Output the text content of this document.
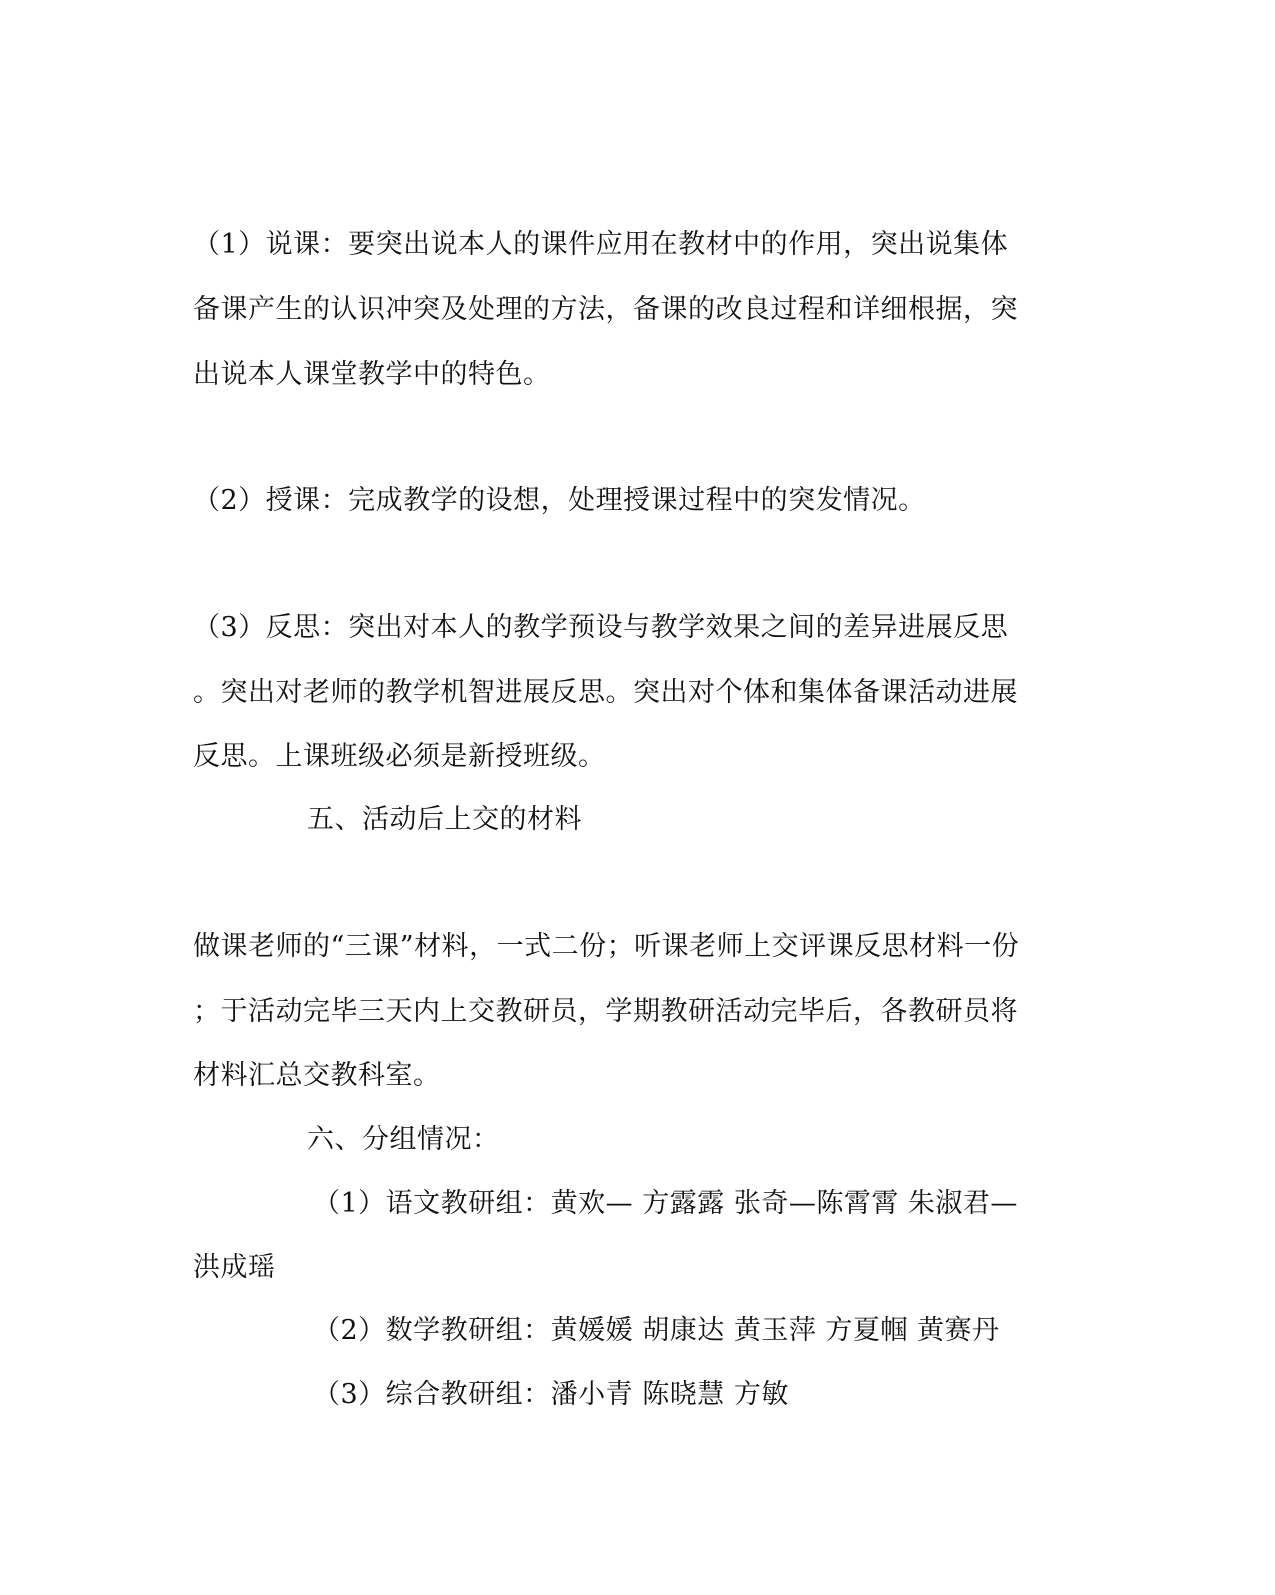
（1）说课：要突出说本人的课件应用在教材中的作用，突出说集体
备课产生的认识冲突及处理的方法，备课的改良过程和详细根据，突
出说本人课堂教学中的特色。
（2）授课：完成教学的设想，处理授课过程中的突发情况。
（3）反思：突出对本人的教学预设与教学效果之间的差异进展反思
。突出对老师的教学机智进展反思。突出对个体和集体备课活动进展
反思。上课班级必须是新授班级。
五、活动后上交的材料
做课老师的“三课”材料，一式二份；听课老师上交评课反思材料一份
；于活动完毕三天内上交教研员，学期教研活动完毕后，各教研员将
材料汇总交教科室。
六、分组情况：
（1）语文教研组：黄欢— 方露露 张奇—陈霄霄 朱淑君—
洪成瑶
（2）数学教研组：黄媛媛 胡康达 黄玉萍 方夏帼 黄赛丹
（3）综合教研组：潘小青 陈晓慧 方敏
